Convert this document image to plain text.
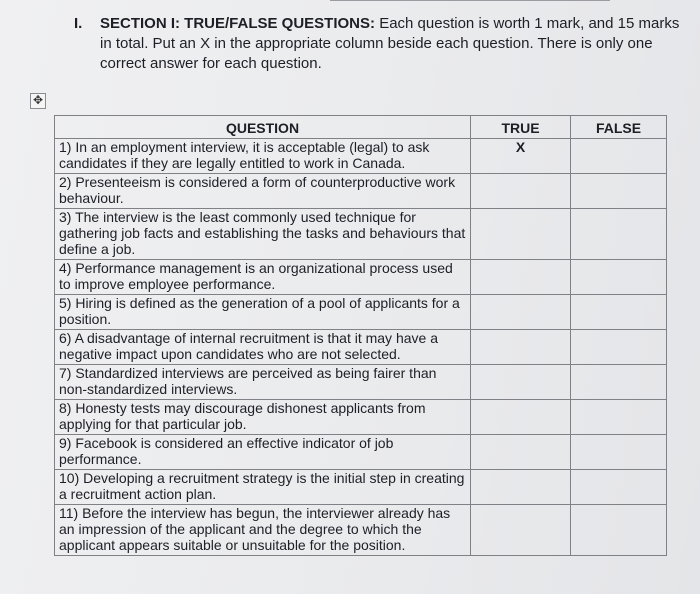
I. SECTION I: TRUE/FALSE QUESTIONS: Each question is worth 1 mark, and 15 marks in total. Put an X in the appropriate column beside each question. There is only one correct answer for each question.
✥
QUESTION	TRUE	FALSE
1) In an employment interview, it is acceptable (legal) to ask candidates if they are legally entitled to work in Canada.	X	
2) Presenteeism is considered a form of counterproductive work behaviour.		
3) The interview is the least commonly used technique for gathering job facts and establishing the tasks and behaviours that define a job.		
4) Performance management is an organizational process used to improve employee performance.		
5) Hiring is defined as the generation of a pool of applicants for a position.		
6) A disadvantage of internal recruitment is that it may have a negative impact upon candidates who are not selected.		
7) Standardized interviews are perceived as being fairer than non-standardized interviews.		
8) Honesty tests may discourage dishonest applicants from applying for that particular job.		
9) Facebook is considered an effective indicator of job performance.		
10) Developing a recruitment strategy is the initial step in creating a recruitment action plan.		
11) Before the interview has begun, the interviewer already has an impression of the applicant and the degree to which the applicant appears suitable or unsuitable for the position.		
